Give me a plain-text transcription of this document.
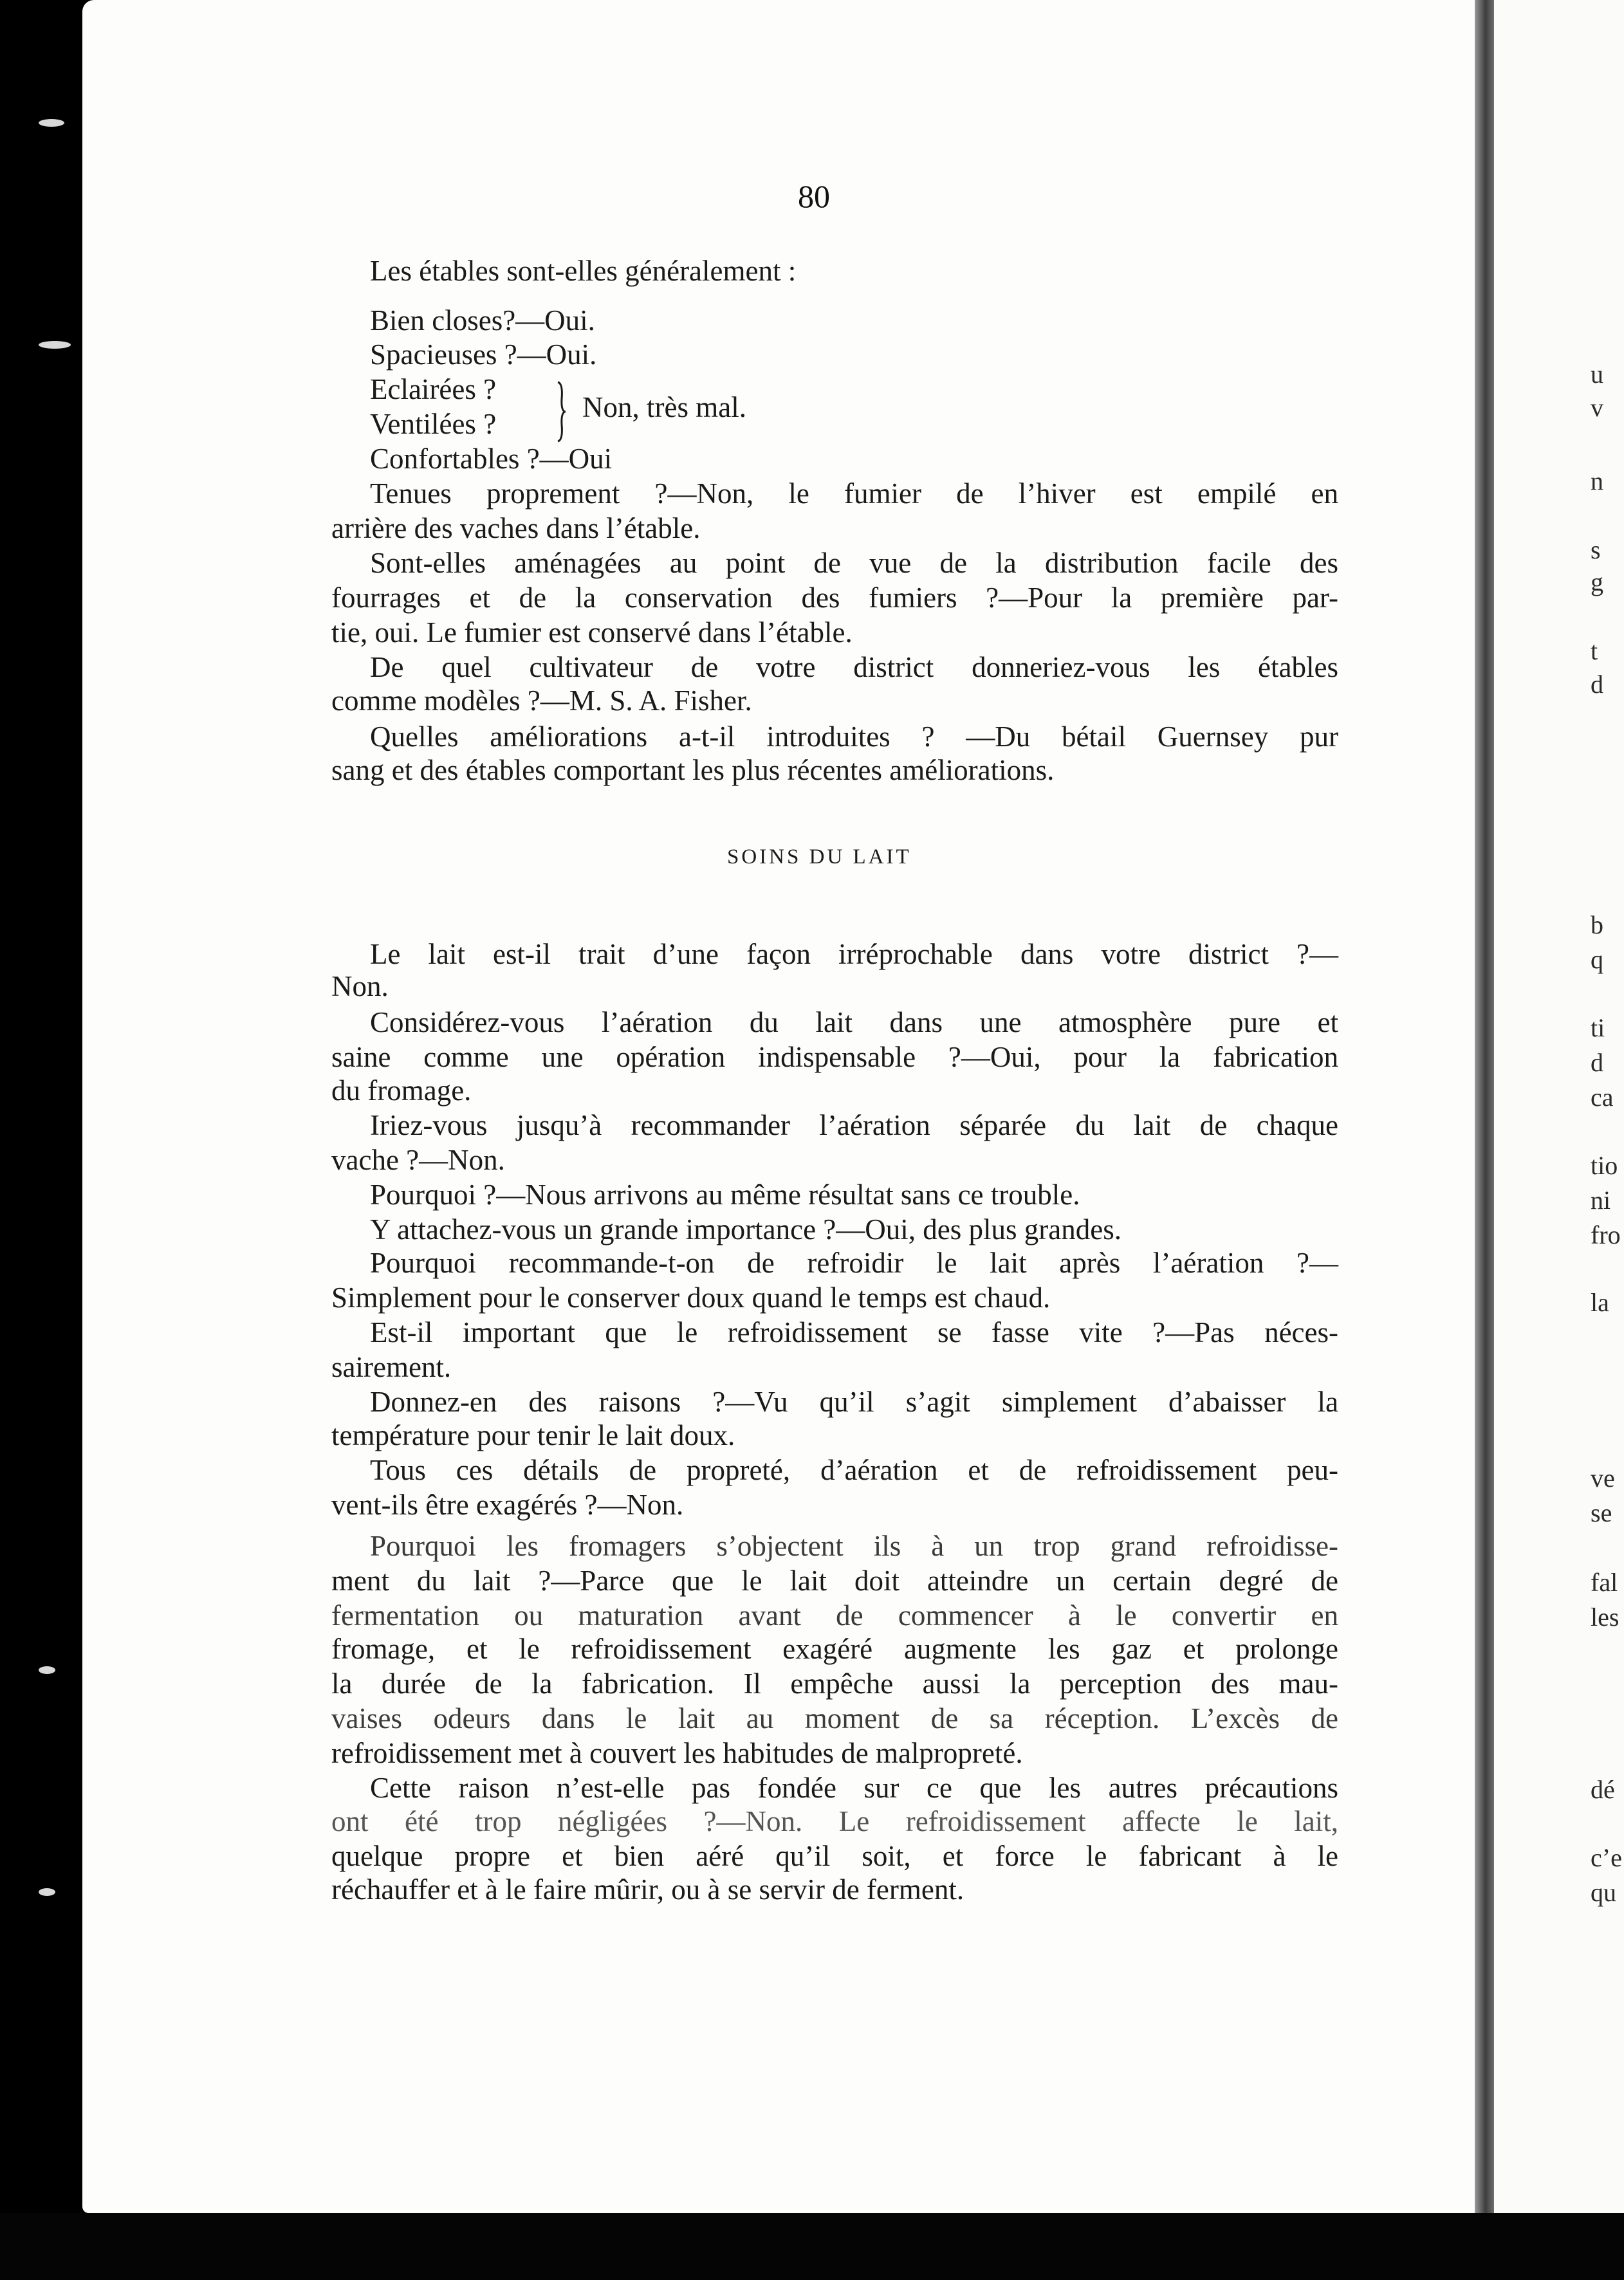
u
v
n
s
g
t
d
b
q
ti
d
ca
tio
ni
fro
la
ve
se
fal
les
dé
c’e
qu
80
Les étables sont-elles généralement :
Bien closes?—Oui.
Spacieuses ?—Oui.
Eclairées ?
Ventilées ?
Non, très mal.
Confortables ?—Oui
Tenues proprement ?—Non, le fumier de l’hiver est empilé en
arrière des vaches dans l’étable.
Sont-elles aménagées au point de vue de la distribution facile des
fourrages et de la conservation des fumiers ?—Pour la première par-
tie, oui. Le fumier est conservé dans l’étable.
De quel cultivateur de votre district donneriez-vous les étables
comme modèles ?—M. S. A. Fisher.
Quelles améliorations a-t-il introduites ? —Du bétail Guernsey pur
sang et des étables comportant les plus récentes améliorations.
SOINS DU LAIT
Le lait est-il trait d’une façon irréprochable dans votre district ?—
Non.
Considérez-vous l’aération du lait dans une atmosphère pure et
saine comme une opération indispensable ?—Oui, pour la fabrication
du fromage.
Iriez-vous jusqu’à recommander l’aération séparée du lait de chaque
vache ?—Non.
Pourquoi ?—Nous arrivons au même résultat sans ce trouble.
Y attachez-vous un grande importance ?—Oui, des plus grandes.
Pourquoi recommande-t-on de refroidir le lait après l’aération ?—
Simplement pour le conserver doux quand le temps est chaud.
Est-il important que le refroidissement se fasse vite ?—Pas néces-
sairement.
Donnez-en des raisons ?—Vu qu’il s’agit simplement d’abaisser la
température pour tenir le lait doux.
Tous ces détails de propreté, d’aération et de refroidissement peu-
vent-ils être exagérés ?—Non.
Pourquoi les fromagers s’objectent ils à un trop grand refroidisse-
ment du lait ?—Parce que le lait doit atteindre un certain degré de
fermentation ou maturation avant de commencer à le convertir en
fromage, et le refroidissement exagéré augmente les gaz et prolonge
la durée de la fabrication. Il empêche aussi la perception des mau-
vaises odeurs dans le lait au moment de sa réception. L’excès de
refroidissement met à couvert les habitudes de malpropreté.
Cette raison n’est-elle pas fondée sur ce que les autres précautions
ont été trop négligées ?—Non. Le refroidissement affecte le lait,
quelque propre et bien aéré qu’il soit, et force le fabricant à le
réchauffer et à le faire mûrir, ou à se servir de ferment.
